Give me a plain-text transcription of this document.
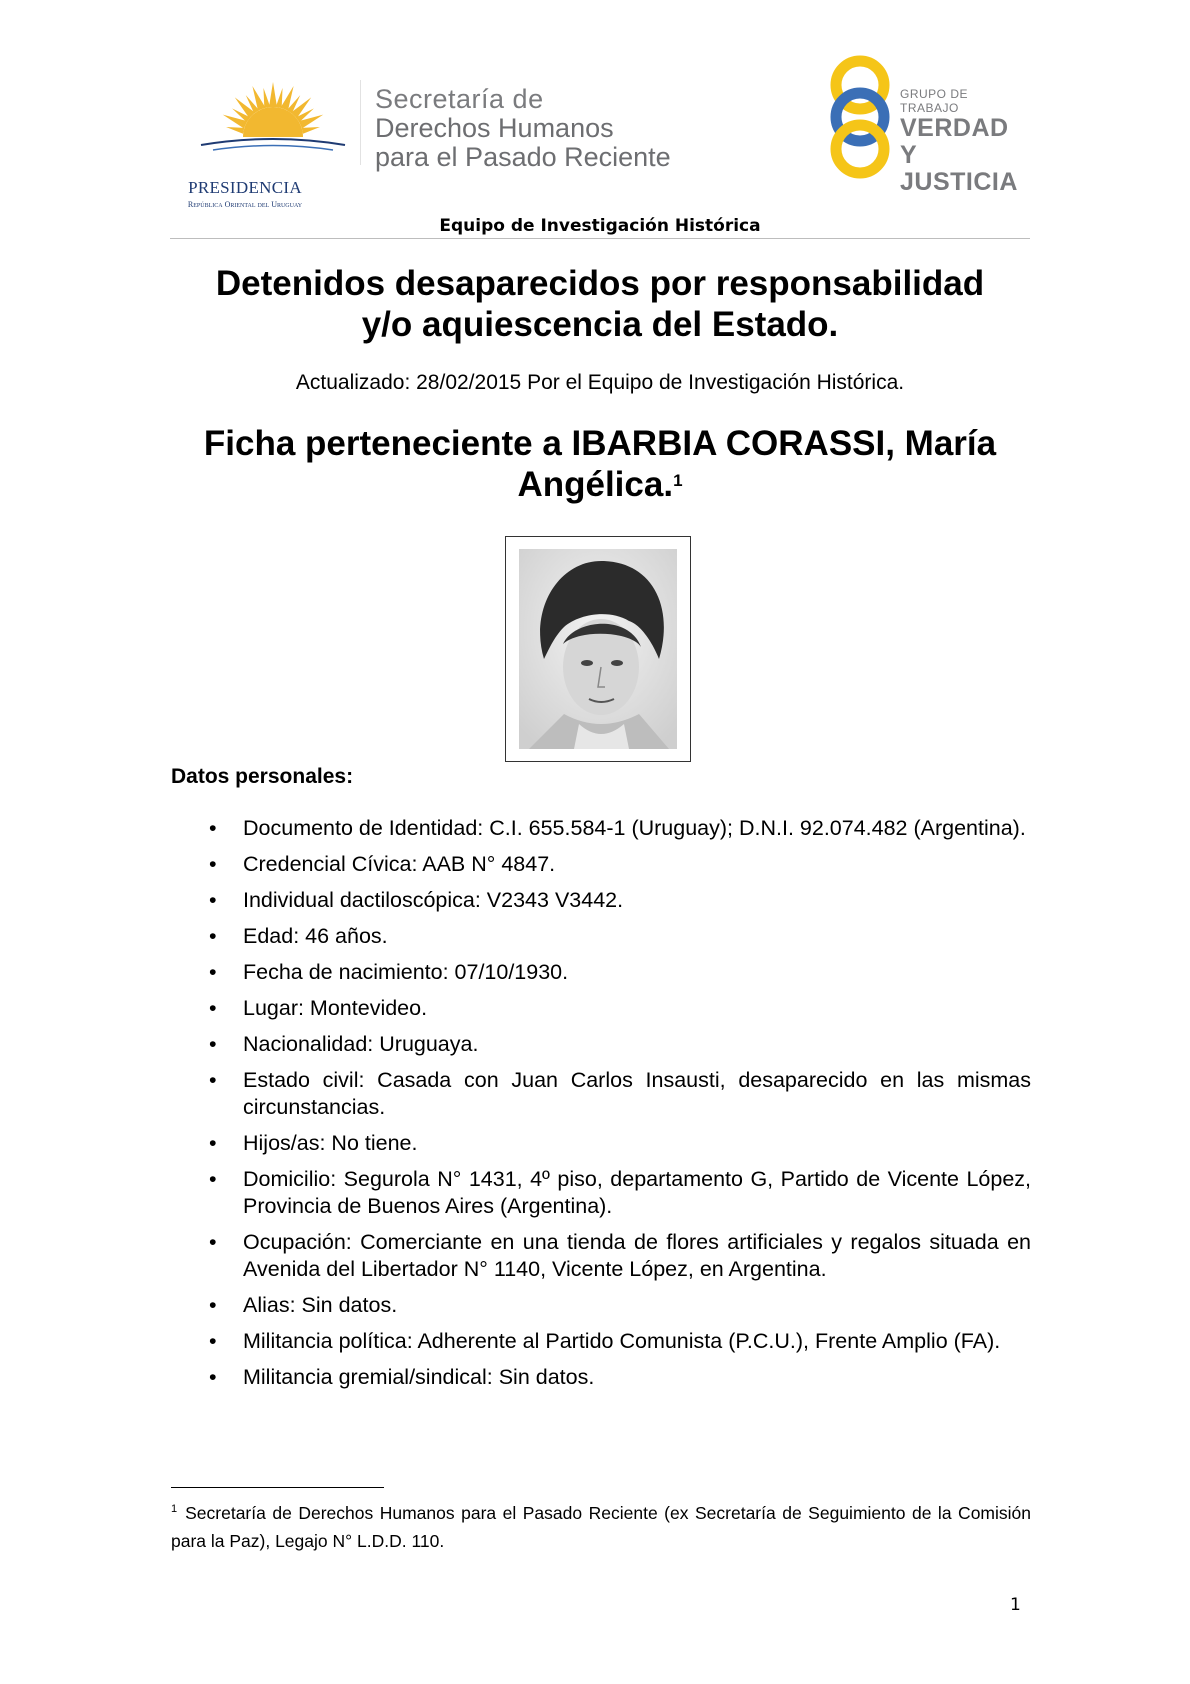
PRESIDENCIA
República Oriental del Uruguay
Secretaría de
Derechos Humanos
para el Pasado Reciente
GRUPO DE TRABAJO
VERDAD Y
JUSTICIA
Equipo de Investigación Histórica
Detenidos desaparecidos por responsabilidad
y/o aquiescencia del Estado.
Actualizado: 28/02/2015 Por el Equipo de Investigación Histórica.
Ficha perteneciente a IBARBIA CORASSI, María
Angélica.$^1$
Datos personales:
• Documento de Identidad: C.I. 655.584-1 (Uruguay); D.N.I. 92.074.482 (Argentina).
• Credencial Cívica: AAB N° 4847.
• Individual dactiloscópica: V2343 V3442.
• Edad: 46 años.
• Fecha de nacimiento: 07/10/1930.
• Lugar: Montevideo.
• Nacionalidad: Uruguaya.
• Estado civil: Casada con Juan Carlos Insausti, desaparecido en las mismas circunstancias.
• Hijos/as: No tiene.
• Domicilio: Segurola N° 1431, 4º piso, departamento G, Partido de Vicente López, Provincia de Buenos Aires (Argentina).
• Ocupación: Comerciante en una tienda de flores artificiales y regalos situada en Avenida del Libertador N° 1140, Vicente López, en Argentina.
• Alias: Sin datos.
• Militancia política: Adherente al Partido Comunista (P.C.U.), Frente Amplio (FA).
• Militancia gremial/sindical: Sin datos.
$^1$ Secretaría de Derechos Humanos para el Pasado Reciente (ex Secretaría de Seguimiento de la Comisión para la Paz), Legajo N° L.D.D. 110.
1
